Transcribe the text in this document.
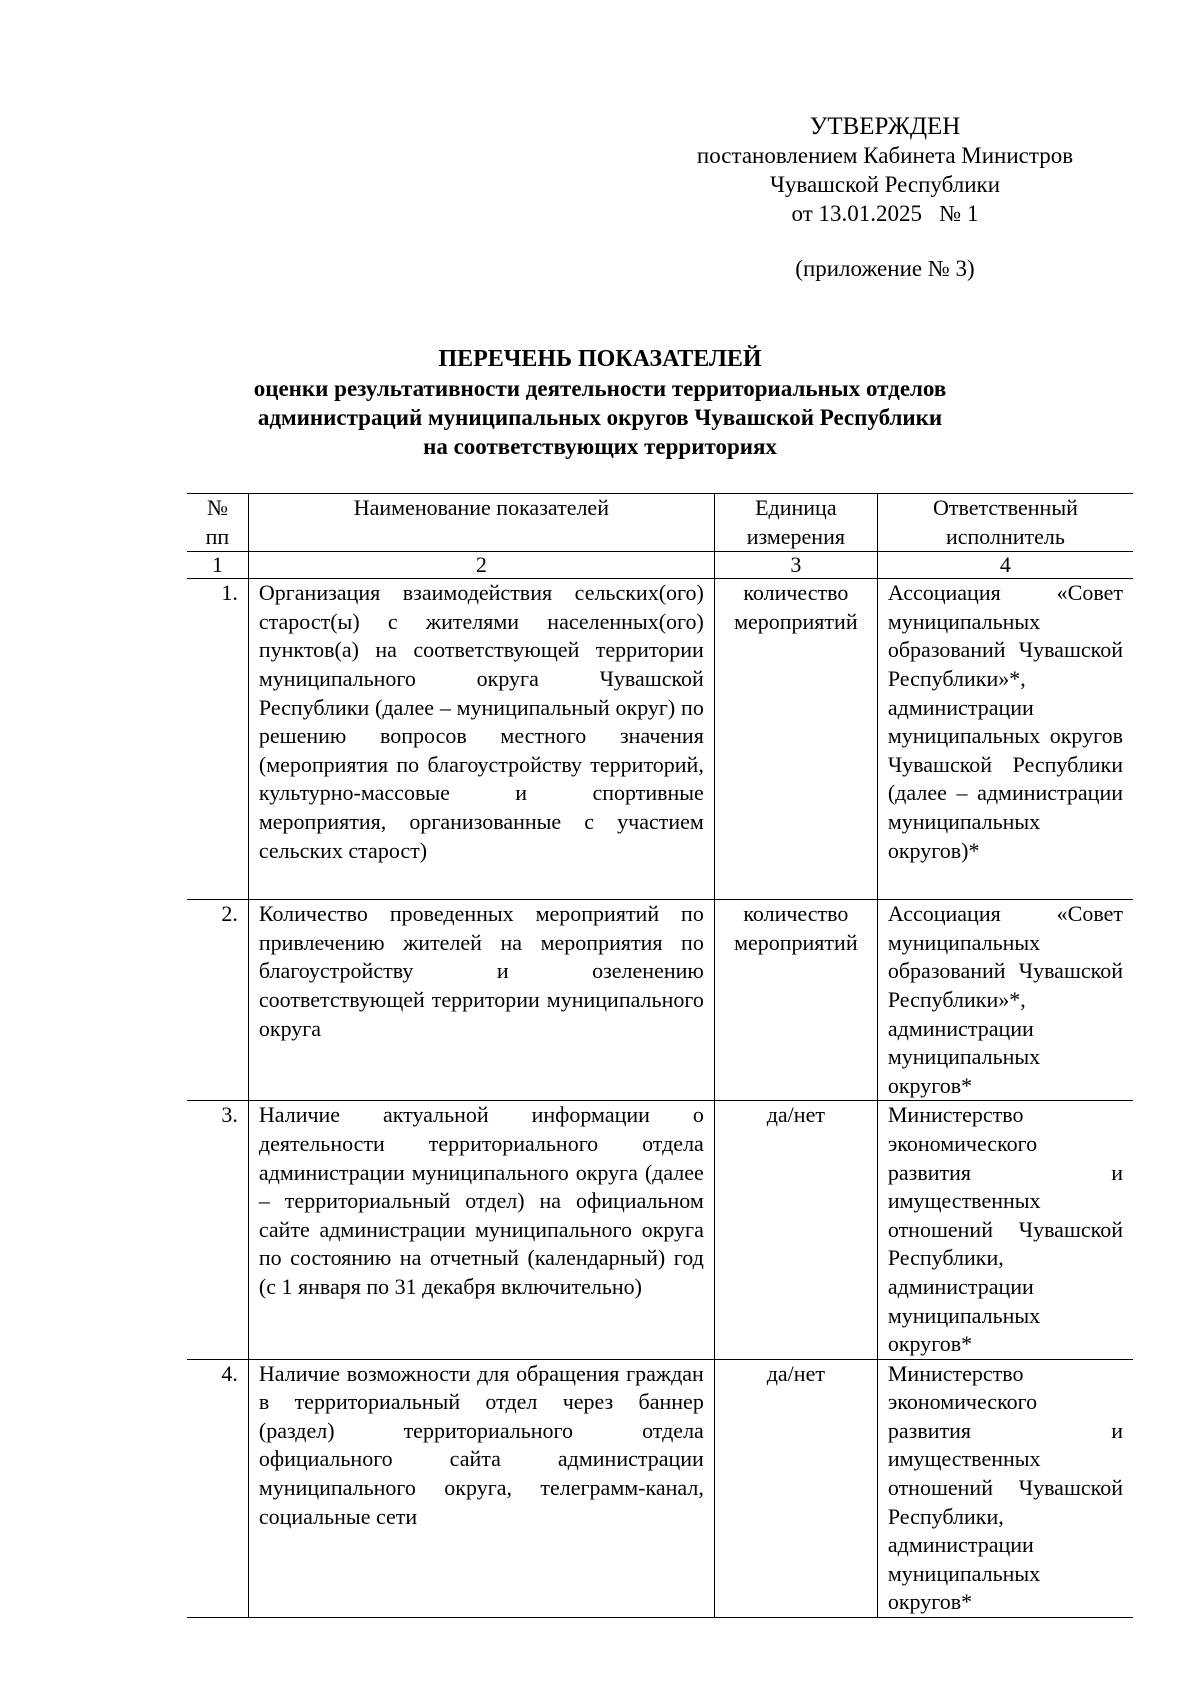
УТВЕРЖДЕН
постановлением Кабинета Министров
Чувашской Республики
от 13.01.2025   № 1
(приложение № 3)
ПЕРЕЧЕНЬ ПОКАЗАТЕЛЕЙ
оценки результативности деятельности территориальных отделов
администраций муниципальных округов Чувашской Республики
на соответствующих территориях
№ пп	Наименование показателей	Единица измерения	Ответственный исполнитель
1	2	3	4
1.	Организация взаимодействия сельских(ого) старост(ы) с жителями населенных(ого) пунктов(а) на соответствующей территории муниципального округа Чувашской Республики (далее – муниципальный округ) по решению вопросов местного значения (мероприятия по благоустройству территорий, культурно-массовые и спортивные мероприятия, организованные с участием сельских старост)	количество мероприятий	Ассоциация «Совет муниципальных образований Чувашской Республики»*, администрации муниципальных округов Чувашской Республики (далее – администрации муниципальных округов)*
2.	Количество проведенных мероприятий по привлечению жителей на мероприятия по благоустройству и озеленению соответствующей территории муниципального округа	количество мероприятий	Ассоциация «Совет муниципальных образований Чувашской Республики»*, администрации муниципальных округов*
3.	Наличие актуальной информации о деятельности территориального отдела администрации муниципального округа (далее – территориальный отдел) на официальном сайте администрации муниципального округа по состоянию на отчетный (календарный) год (с 1 января по 31 декабря включительно)	да/нет	Министерство экономического развития и имущественных отношений Чувашской Республики, администрации муниципальных округов*
4.	Наличие возможности для обращения граждан в территориальный отдел через баннер (раздел) территориального отдела официального сайта администрации муниципального округа, телеграмм-канал, социальные сети	да/нет	Министерство экономического развития и имущественных отношений Чувашской Республики, администрации муниципальных округов*
